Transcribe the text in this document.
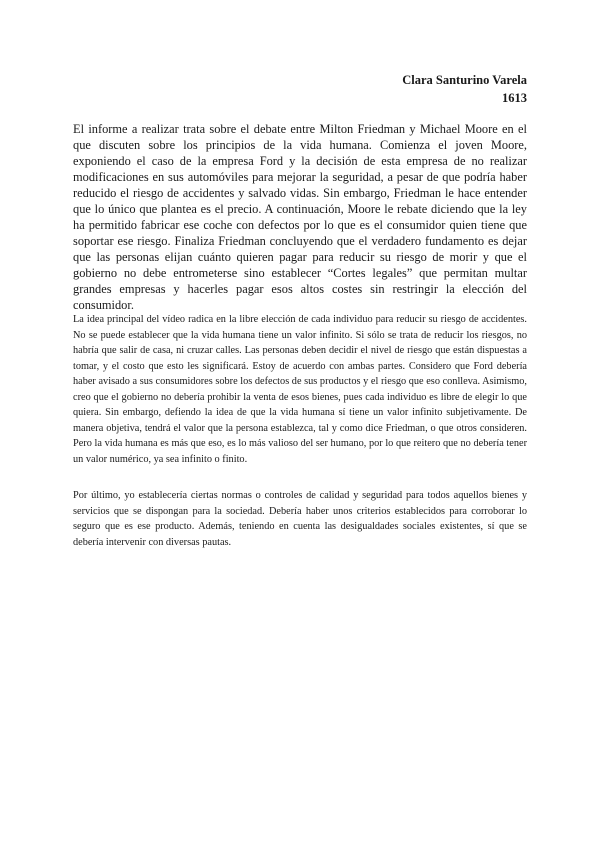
Clara Santurino Varela
1613

El informe a realizar trata sobre el debate entre Milton Friedman y Michael Moore en el que discuten sobre los principios de la vida humana. Comienza el joven Moore, exponiendo el caso de la empresa Ford y la decisión de esta empresa de no realizar modificaciones en sus automóviles para mejorar la seguridad, a pesar de que podría haber reducido el riesgo de accidentes y salvado vidas. Sin embargo, Friedman le hace entender que lo único que plantea es el precio. A continuación, Moore le rebate diciendo que la ley ha permitido fabricar ese coche con defectos por lo que es el consumidor quien tiene que soportar ese riesgo. Finaliza Friedman concluyendo que el verdadero fundamento es dejar que las personas elijan cuánto quieren pagar para reducir su riesgo de morir y que el gobierno no debe entrometerse sino establecer “Cortes legales” que permitan multar grandes empresas y hacerles pagar esos altos costes sin restringir la elección del consumidor.

La idea principal del vídeo radica en la libre elección de cada individuo para reducir su riesgo de accidentes. No se puede establecer que la vida humana tiene un valor infinito. Si sólo se trata de reducir los riesgos, no habría que salir de casa, ni cruzar calles. Las personas deben decidir el nivel de riesgo que están dispuestas a tomar, y el costo que esto les significará. Estoy de acuerdo con ambas partes. Considero que Ford debería haber avisado a sus consumidores sobre los defectos de sus productos y el riesgo que eso conlleva. Asimismo, creo que el gobierno no debería prohibir la venta de esos bienes, pues cada individuo es libre de elegir lo que quiera. Sin embargo, defiendo la idea de que la vida humana sí tiene un valor infinito subjetivamente. De manera objetiva, tendrá el valor que la persona establezca, tal y como dice Friedman, o que otros consideren. Pero la vida humana es más que eso, es lo más valioso del ser humano, por lo que reitero que no debería tener un valor numérico, ya sea infinito o finito.

Por último, yo establecería ciertas normas o controles de calidad y seguridad para todos aquellos bienes y servicios que se dispongan para la sociedad. Debería haber unos criterios establecidos para corroborar lo seguro que es ese producto. Además, teniendo en cuenta las desigualdades sociales existentes, sí que se debería intervenir con diversas pautas.
